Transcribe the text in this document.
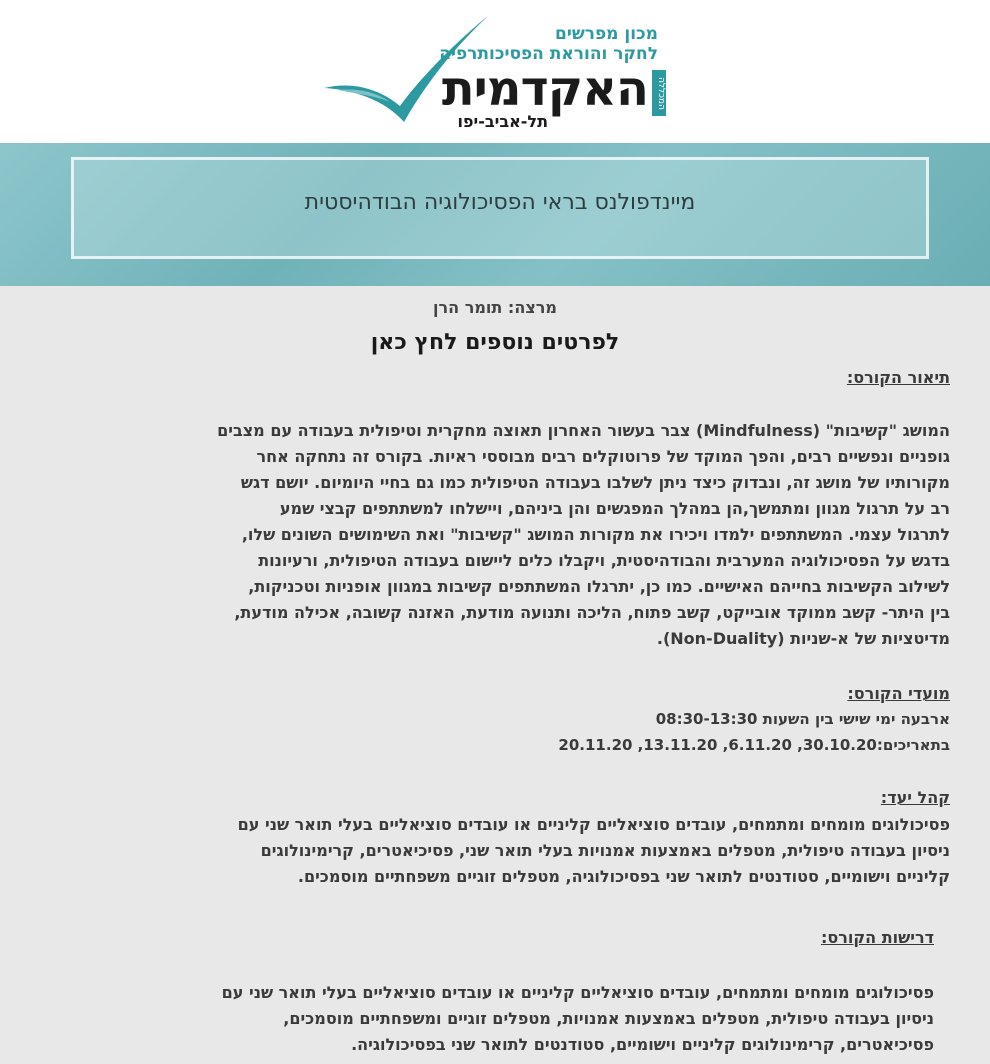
מכון מפרשים
לחקר והוראת הפסיכותרפיה
האקדמית המכללה
תל-אביב-יפו
מיינדפולנס בראי הפסיכולוגיה הבודהיסטית
מרצה: תומר הרן
לפרטים נוספים לחץ כאן
תיאור הקורס:
המושג "קשיבות" (Mindfulness) צבר בעשור האחרון תאוצה מחקרית וטיפולית בעבודה עם מצבים
גופניים ונפשיים רבים, והפך המוקד של פרוטוקלים רבים מבוססי ראיות. בקורס זה נתחקה אחר
מקורותיו של מושג זה, ונבדוק כיצד ניתן לשלבו בעבודה הטיפולית כמו גם בחיי היומיום. יושם דגש
רב על תרגול מגוון ומתמשך,הן במהלך המפגשים והן ביניהם, ויישלחו למשתתפים קבצי שמע
לתרגול עצמי. המשתתפים ילמדו ויכירו את מקורות המושג "קשיבות" ואת השימושים השונים שלו,
בדגש על הפסיכולוגיה המערבית והבודהיסטית, ויקבלו כלים ליישום בעבודה הטיפולית, ורעיונות
לשילוב הקשיבות בחייהם האישיים. כמו כן, יתרגלו המשתתפים קשיבות במגוון אופניות וטכניקות,
בין היתר- קשב ממוקד אובייקט, קשב פתוח, הליכה ותנועה מודעת, האזנה קשובה, אכילה מודעת,
מדיטציות של א-שניות (Non-Duality).
מועדי הקורס:
ארבעה ימי שישי בין השעות 08:30-13:30
בתאריכים:30.10.20, 6.11.20, 13.11.20, 20.11.20
קהל יעד:
פסיכולוגים מומחים ומתמחים, עובדים סוציאליים קליניים או עובדים סוציאליים בעלי תואר שני עם
ניסיון בעבודה טיפולית, מטפלים באמצעות אמנויות בעלי תואר שני, פסיכיאטרים, קרימינולוגים
קליניים וישומיים, סטודנטים לתואר שני בפסיכולוגיה, מטפלים זוגיים משפחתיים מוסמכים.
דרישות הקורס:
פסיכולוגים מומחים ומתמחים, עובדים סוציאליים קליניים או עובדים סוציאליים בעלי תואר שני עם
ניסיון בעבודה טיפולית, מטפלים באמצעות אמנויות, מטפלים זוגיים ומשפחתיים מוסמכים,
פסיכיאטרים, קרימינולוגים קליניים וישומיים, סטודנטים לתואר שני בפסיכולוגיה.
